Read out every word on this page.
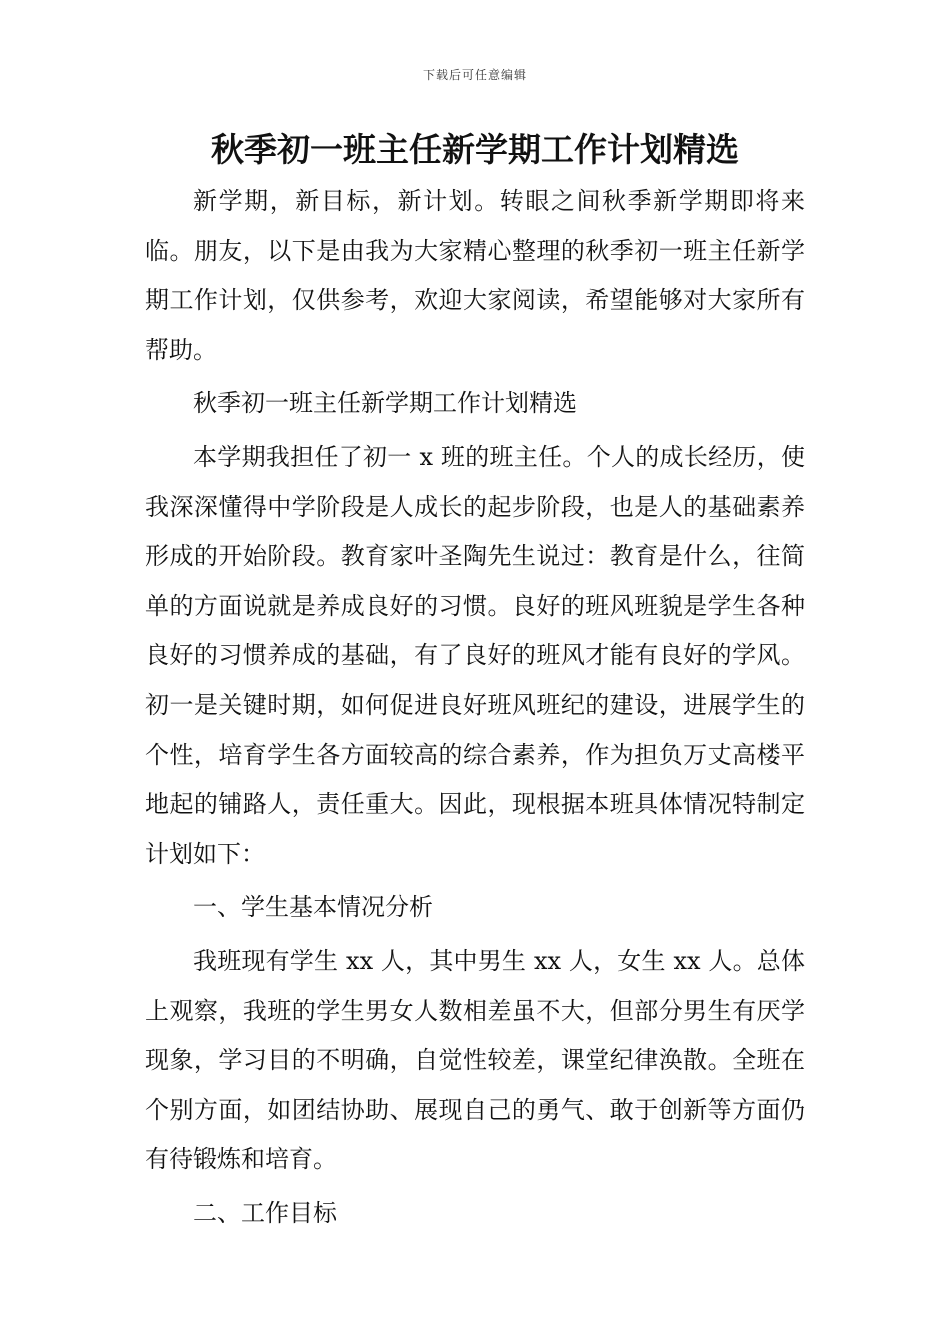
下载后可任意编辑
秋季初一班主任新学期工作计划精选

新学期，新目标，新计划。转眼之间秋季新学期即将来临。朋友，以下是由我为大家精心整理的秋季初一班主任新学期工作计划，仅供参考，欢迎大家阅读，希望能够对大家所有帮助。

秋季初一班主任新学期工作计划精选

本学期我担任了初一 x 班的班主任。个人的成长经历，使我深深懂得中学阶段是人成长的起步阶段，也是人的基础素养形成的开始阶段。教育家叶圣陶先生说过：教育是什么，往简单的方面说就是养成良好的习惯。良好的班风班貌是学生各种良好的习惯养成的基础，有了良好的班风才能有良好的学风。初一是关键时期，如何促进良好班风班纪的建设，进展学生的个性，培育学生各方面较高的综合素养，作为担负万丈高楼平地起的铺路人，责任重大。因此，现根据本班具体情况特制定计划如下：

一、学生基本情况分析

我班现有学生 xx 人，其中男生 xx 人，女生 xx 人。总体上观察，我班的学生男女人数相差虽不大，但部分男生有厌学现象，学习目的不明确，自觉性较差，课堂纪律涣散。全班在个别方面，如团结协助、展现自己的勇气、敢于创新等方面仍有待锻炼和培育。

二、工作目标
